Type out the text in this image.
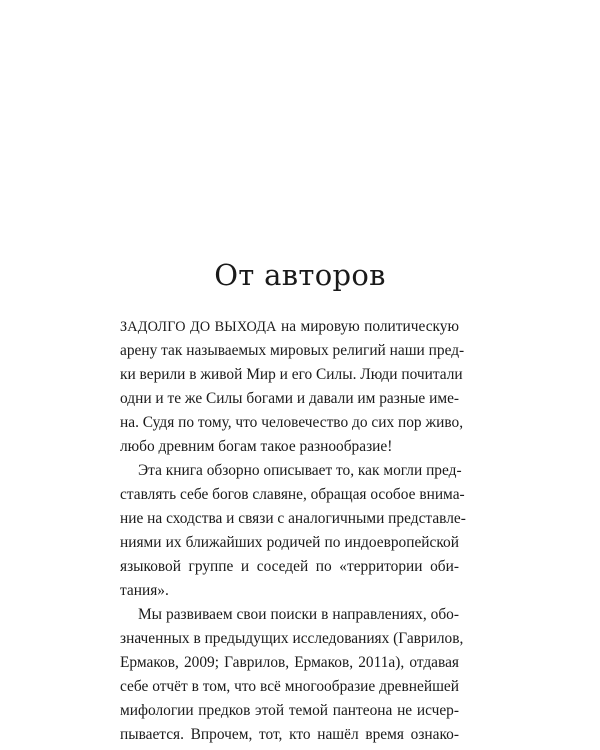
От авторов

ЗАДОЛГО ДО ВЫХОДА на мировую политическую

арену так называемых мировых религий наши пред-

ки верили в живой Мир и его Силы. Люди почитали

одни и те же Силы богами и давали им разные име-

на. Судя по тому, что человечество до сих пор живо,

любо древним богам такое разнообразие!

Эта книга обзорно описывает то, как могли пред-

ставлять себе богов славяне, обращая особое внима-

ние на сходства и связи с аналогичными представле-

ниями их ближайших родичей по индоевропейской

языковой группе и соседей по «территории оби-

тания».

Мы развиваем свои поиски в направлениях, обо-

значенных в предыдущих исследованиях (Гаврилов,

Ермаков, 2009; Гаврилов, Ермаков, 2011а), отдавая

себе отчёт в том, что всё многообразие древнейшей

мифологии предков этой темой пантеона не исчер-

пывается. Впрочем, тот, кто нашёл время ознако-
